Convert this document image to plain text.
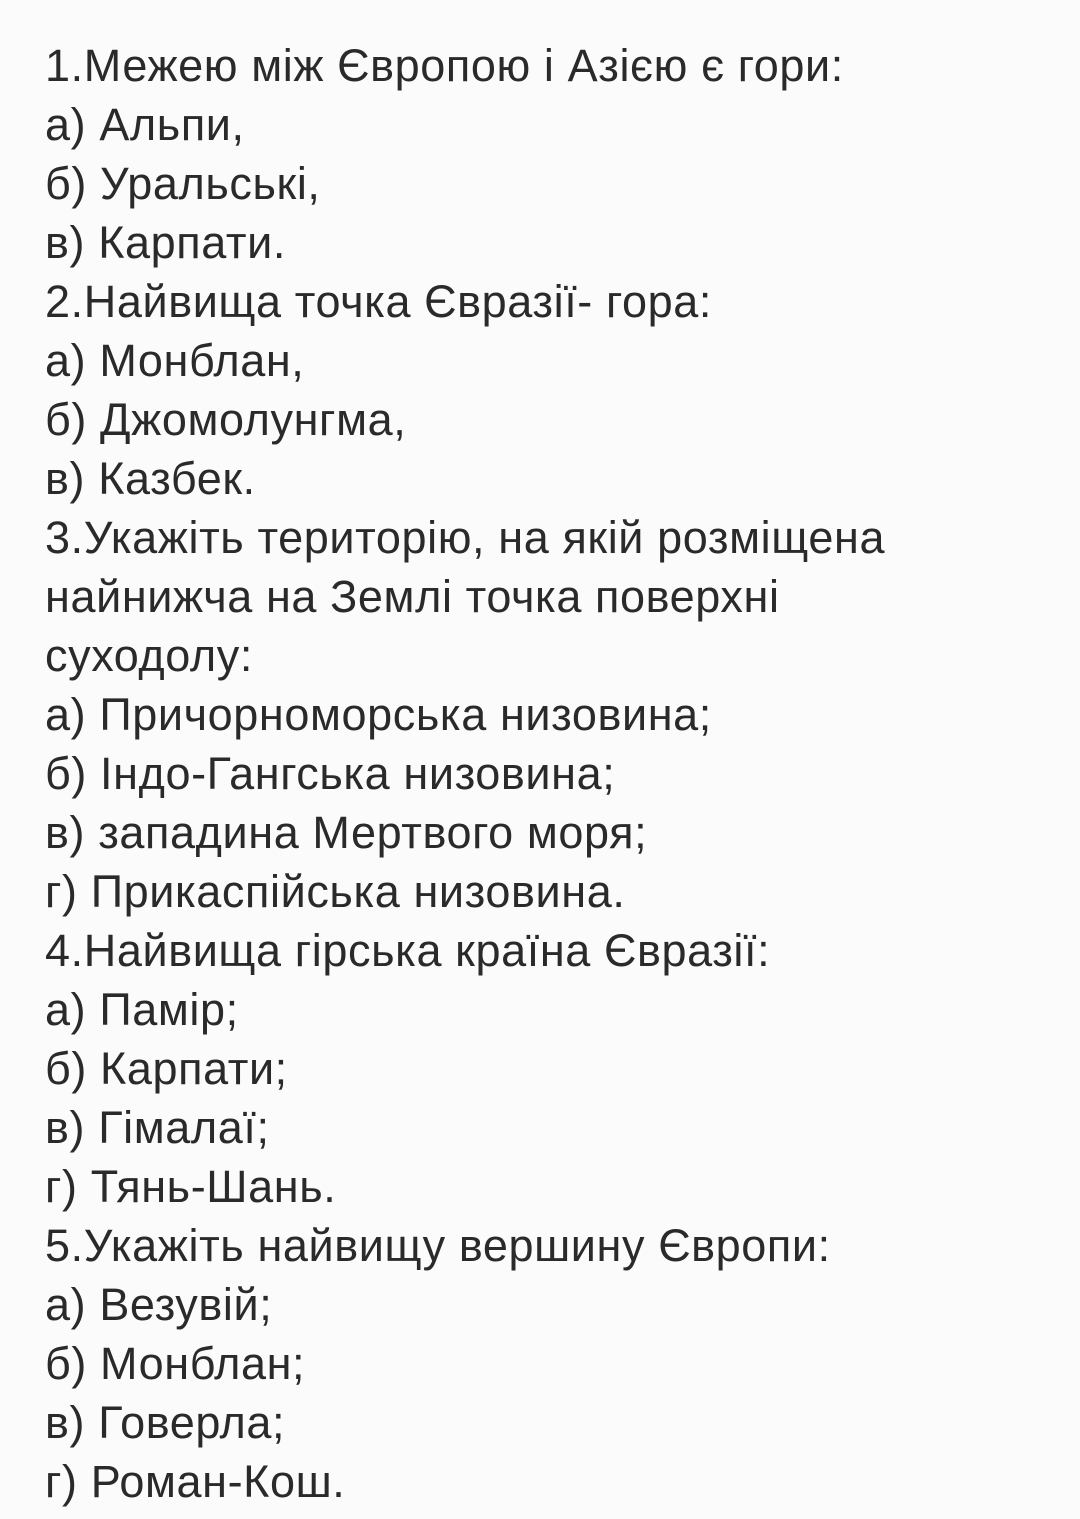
1.Межею між Європою і Азією є гори:
а) Альпи,
б) Уральські,
в) Карпати.
2.Найвища точка Євразії- гора:
а) Монблан,
б) Джомолунгма,
в) Казбек.
3.Укажіть територію, на якій розміщена
найнижча на Землі точка поверхні
суходолу:
а) Причорноморська низовина;
б) Індо-Гангська низовина;
в) западина Мертвого моря;
г) Прикаспійська низовина.
4.Найвища гірська країна Євразії:
а) Памір;
б) Карпати;
в) Гімалаї;
г) Тянь-Шань.
5.Укажіть найвищу вершину Європи:
а) Везувій;
б) Монблан;
в) Говерла;
г) Роман-Кош.
